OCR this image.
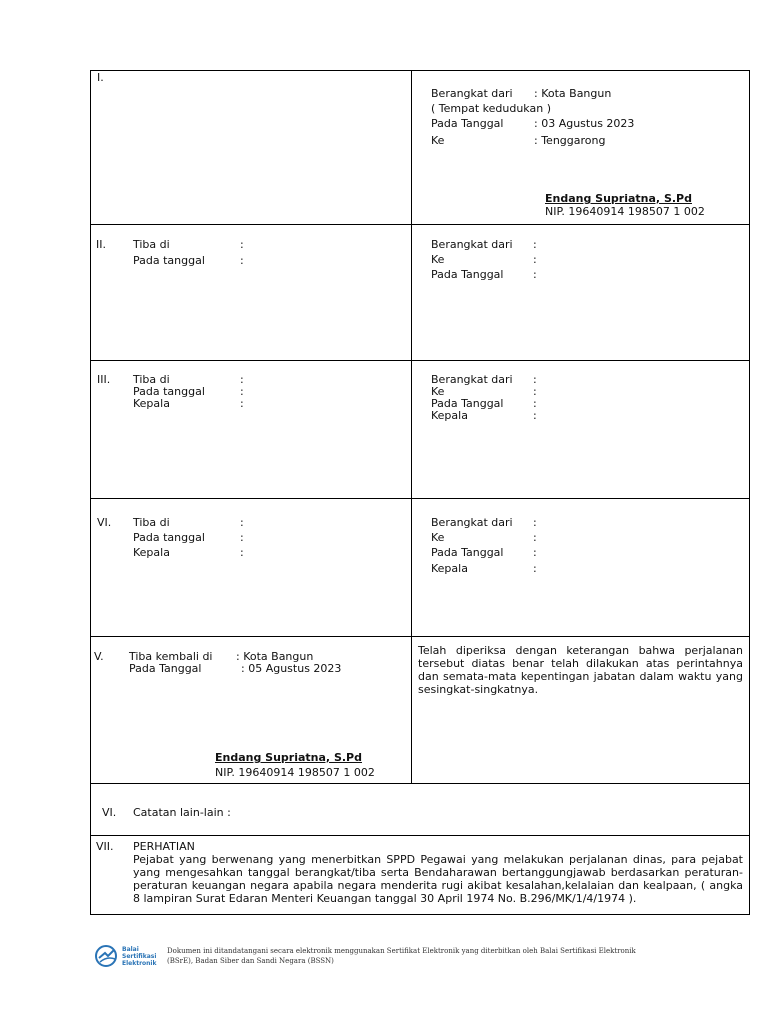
I.
Berangkat dari : Kota Bangun
( Tempat kedudukan )
Pada Tanggal	: 03 Agustus 2023
Ke	: Tenggarong
Endang Supriatna, S.Pd
NIP. 19640914 198507 1 002
II. Tiba di	:
Pada tanggal	:
Berangkat dari :
Ke	:
Pada Tanggal	:
III. Tiba di	:
Pada tanggal	:
Kepala	:
Berangkat dari :
Ke	:
Pada Tanggal	:
Kepala	:
VI. Tiba di	:
Pada tanggal	:
Kepala	:
Berangkat dari :
Ke	:
Pada Tanggal	:
Kepala	:
V. Tiba kembali di : Kota Bangun
Pada Tanggal	: 05 Agustus 2023
Endang Supriatna, S.Pd
NIP. 19640914 198507 1 002
Telah diperiksa dengan keterangan bahwa perjalanan tersebut diatas benar telah dilakukan atas perintahnya dan semata-mata kepentingan jabatan dalam waktu yang sesingkat-singkatnya.
VI. Catatan lain-lain :
VII. PERHATIAN
Pejabat yang berwenang yang menerbitkan SPPD Pegawai yang melakukan perjalanan dinas, para pejabat yang mengesahkan tanggal berangkat/tiba serta Bendaharawan bertanggungjawab berdasarkan peraturan-peraturan keuangan negara apabila negara menderita rugi akibat kesalahan,kelalaian dan kealpaan, ( angka 8 lampiran Surat Edaran Menteri Keuangan tanggal 30 April 1974 No. B.296/MK/1/4/1974 ).
Balai
Sertifikasi
Elektronik
Dokumen ini ditandatangani secara elektronik menggunakan Sertifikat Elektronik yang diterbitkan oleh Balai Sertifikasi Elektronik
(BSrE), Badan Siber dan Sandi Negara (BSSN)
